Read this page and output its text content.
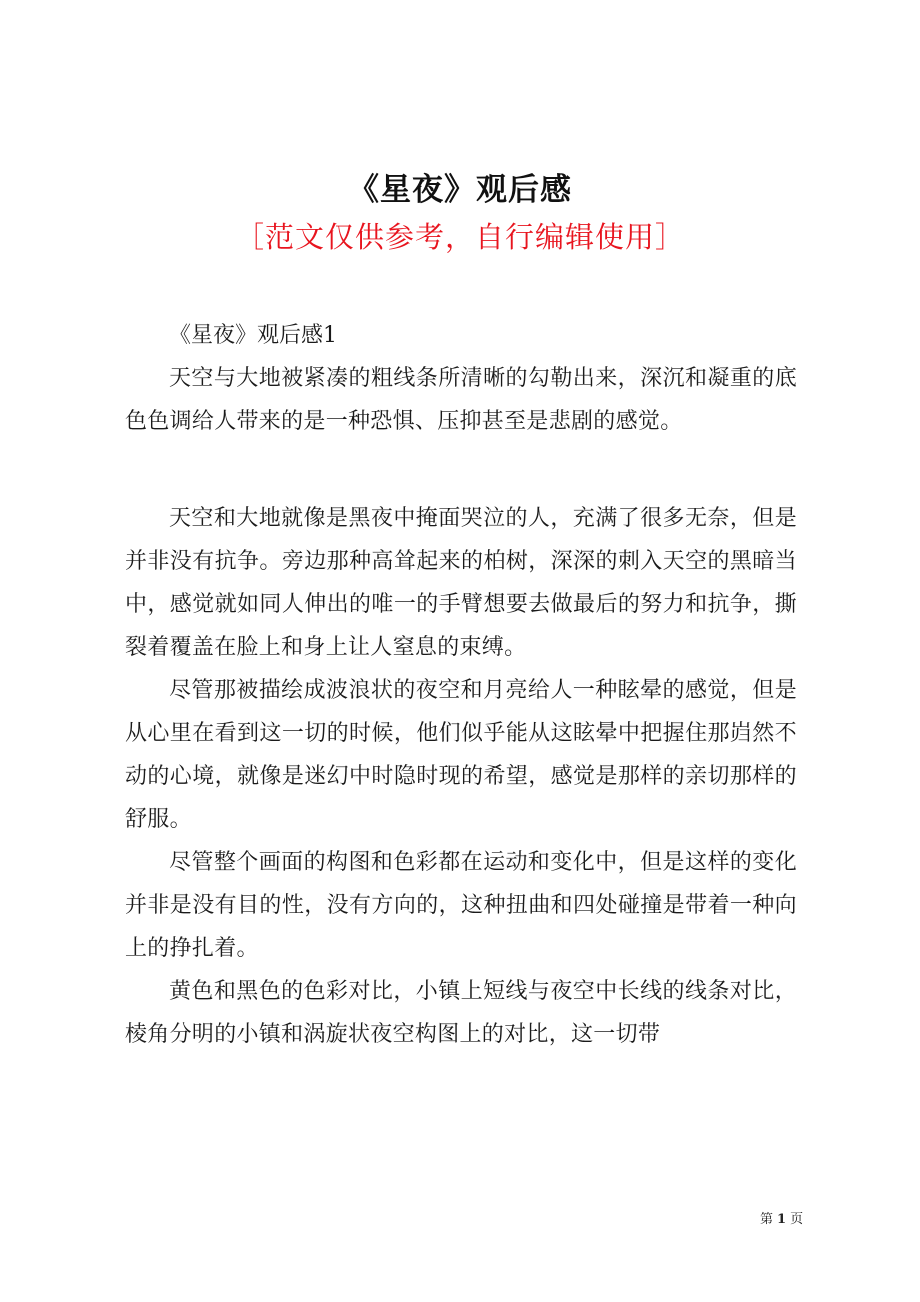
《星夜》观后感
［范文仅供参考，自行编辑使用］

《星夜》观后感1

天空与大地被紧凑的粗线条所清晰的勾勒出来，深沉和凝重的底色色调给人带来的是一种恐惧、压抑甚至是悲剧的感觉。

天空和大地就像是黑夜中掩面哭泣的人，充满了很多无奈，但是并非没有抗争。旁边那种高耸起来的柏树，深深的刺入天空的黑暗当中，感觉就如同人伸出的唯一的手臂想要去做最后的努力和抗争，撕裂着覆盖在脸上和身上让人窒息的束缚。

尽管那被描绘成波浪状的夜空和月亮给人一种眩晕的感觉，但是从心里在看到这一切的时候，他们似乎能从这眩晕中把握住那岿然不动的心境，就像是迷幻中时隐时现的希望，感觉是那样的亲切那样的舒服。

尽管整个画面的构图和色彩都在运动和变化中，但是这样的变化并非是没有目的性，没有方向的，这种扭曲和四处碰撞是带着一种向上的挣扎着。

黄色和黑色的色彩对比，小镇上短线与夜空中长线的线条对比，棱角分明的小镇和涡旋状夜空构图上的对比，这一切带

第 1 页
